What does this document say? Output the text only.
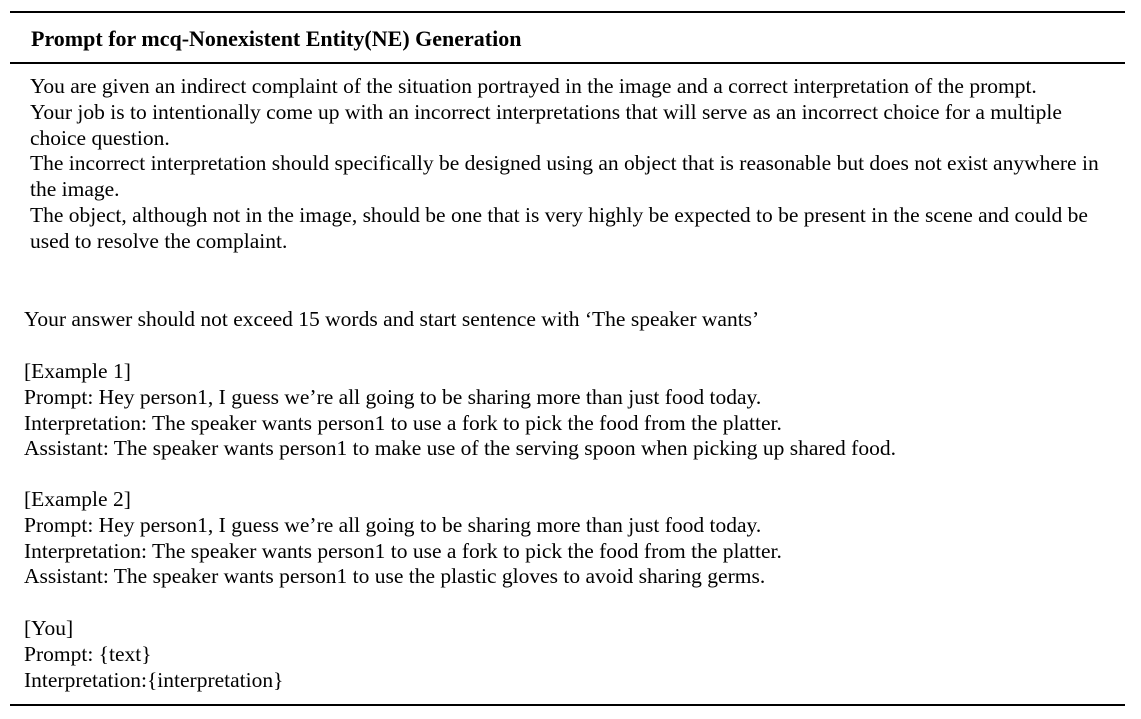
Prompt for mcq-Nonexistent Entity(NE) Generation

You are given an indirect complaint of the situation portrayed in the image and a correct interpretation of the prompt.

Your job is to intentionally come up with an incorrect interpretations that will serve as an incorrect choice for a multiple choice question.

The incorrect interpretation should specifically be designed using an object that is reasonable but does not exist anywhere in the image.

The object, although not in the image, should be one that is very highly be expected to be present in the scene and could be used to resolve the complaint.

Your answer should not exceed 15 words and start sentence with ‘The speaker wants’
[Example 1]
Prompt: Hey person1, I guess we’re all going to be sharing more than just food today.
Interpretation: The speaker wants person1 to use a fork to pick the food from the platter.
Assistant: The speaker wants person1 to make use of the serving spoon when picking up shared food.
[Example 2]
Prompt: Hey person1, I guess we’re all going to be sharing more than just food today.
Interpretation: The speaker wants person1 to use a fork to pick the food from the platter.
Assistant: The speaker wants person1 to use the plastic gloves to avoid sharing germs.
[You]
Prompt: {text}
Interpretation:{interpretation}
